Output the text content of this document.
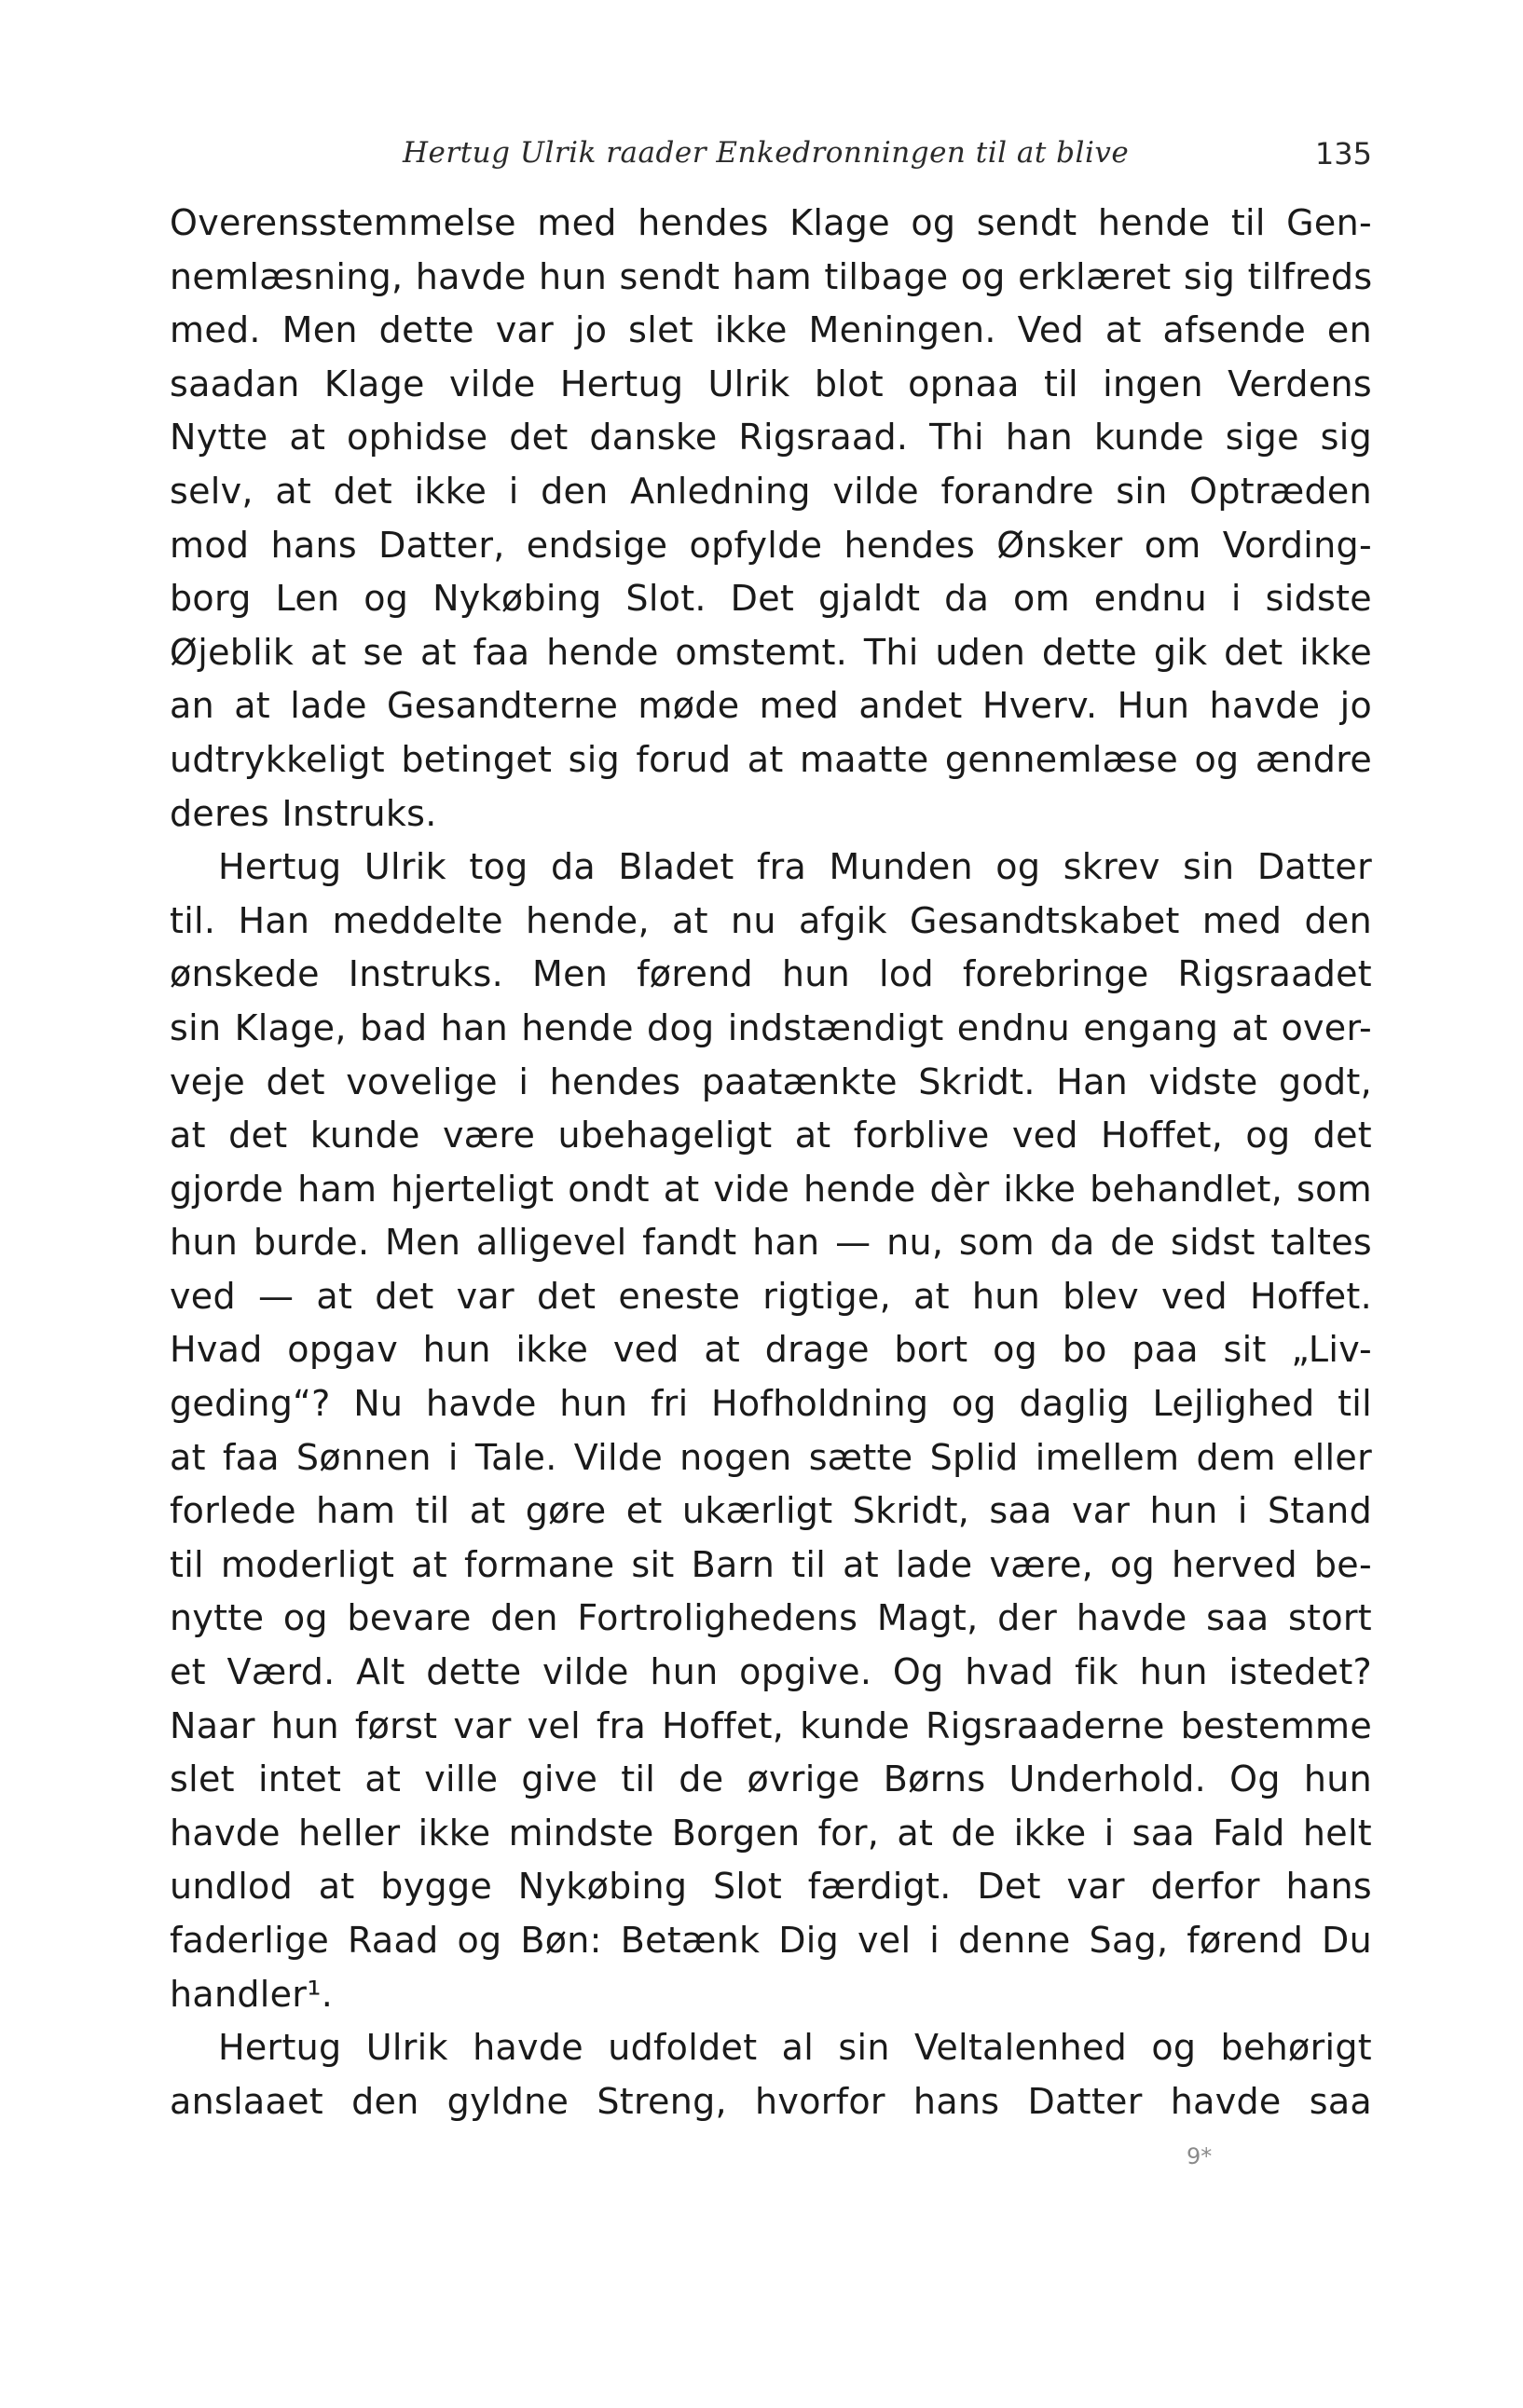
Hertug Ulrik raader Enkedronningen til at blive	135
Overensstemmelse med hendes Klage og sendt hende til Gen-
nemlæsning, havde hun sendt ham tilbage og erklæret sig tilfreds
med. Men dette var jo slet ikke Meningen. Ved at afsende en
saadan Klage vilde Hertug Ulrik blot opnaa til ingen Verdens
Nytte at ophidse det danske Rigsraad. Thi han kunde sige sig
selv, at det ikke i den Anledning vilde forandre sin Optræden
mod hans Datter, endsige opfylde hendes Ønsker om Vording-
borg Len og Nykøbing Slot. Det gjaldt da om endnu i sidste
Øjeblik at se at faa hende omstemt. Thi uden dette gik det ikke
an at lade Gesandterne møde med andet Hverv. Hun havde jo
udtrykkeligt betinget sig forud at maatte gennemlæse og ændre
deres Instruks.
Hertug Ulrik tog da Bladet fra Munden og skrev sin Datter
til. Han meddelte hende, at nu afgik Gesandtskabet med den
ønskede Instruks. Men førend hun lod forebringe Rigsraadet
sin Klage, bad han hende dog indstændigt endnu engang at over-
veje det vovelige i hendes paatænkte Skridt. Han vidste godt,
at det kunde være ubehageligt at forblive ved Hoffet, og det
gjorde ham hjerteligt ondt at vide hende dèr ikke behandlet, som
hun burde. Men alligevel fandt han — nu, som da de sidst taltes
ved — at det var det eneste rigtige, at hun blev ved Hoffet.
Hvad opgav hun ikke ved at drage bort og bo paa sit „Liv-
geding“? Nu havde hun fri Hofholdning og daglig Lejlighed til
at faa Sønnen i Tale. Vilde nogen sætte Splid imellem dem eller
forlede ham til at gøre et ukærligt Skridt, saa var hun i Stand
til moderligt at formane sit Barn til at lade være, og herved be-
nytte og bevare den Fortrolighedens Magt, der havde saa stort
et Værd. Alt dette vilde hun opgive. Og hvad fik hun istedet?
Naar hun først var vel fra Hoffet, kunde Rigsraaderne bestemme
slet intet at ville give til de øvrige Børns Underhold. Og hun
havde heller ikke mindste Borgen for, at de ikke i saa Fald helt
undlod at bygge Nykøbing Slot færdigt. Det var derfor hans
faderlige Raad og Bøn: Betænk Dig vel i denne Sag, førend Du
handler¹.
Hertug Ulrik havde udfoldet al sin Veltalenhed og behørigt
anslaaet den gyldne Streng, hvorfor hans Datter havde saa
9*
